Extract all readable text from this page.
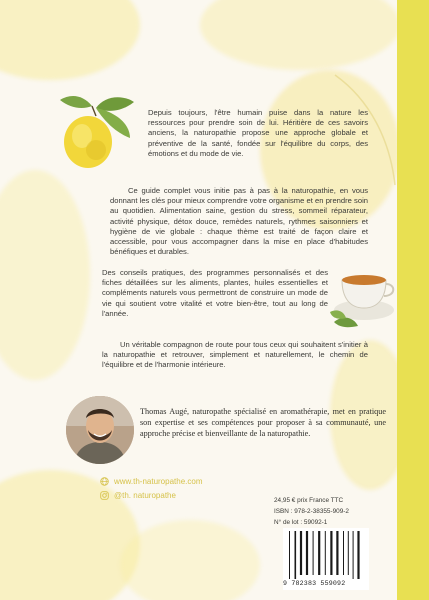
Depuis toujours, l'être humain puise dans la nature les ressources pour prendre soin de lui. Héritière de ces savoirs anciens, la naturopathie propose une approche globale et préventive de la santé, fondée sur l'équilibre du corps, des émotions et du mode de vie.

Ce guide complet vous initie pas à pas à la naturopathie, en vous donnant les clés pour mieux comprendre votre organisme et en prendre soin au quotidien. Alimentation saine, gestion du stress, sommeil réparateur, activité physique, détox douce, remèdes naturels, rythmes saisonniers et hygiène de vie globale : chaque thème est traité de façon claire et accessible, pour vous accompagner dans la mise en place d'habitudes bénéfiques et durables.

Des conseils pratiques, des programmes personnalisés et des fiches détaillées sur les aliments, plantes, huiles essentielles et compléments naturels vous permettront de construire un mode de vie qui soutient votre vitalité et votre bien-être, tout au long de l'année.

Un véritable compagnon de route pour tous ceux qui souhaitent s'initier à la naturopathie et retrouver, simplement et naturellement, le chemin de l'équilibre et de l'harmonie intérieure.

Thomas Augé, naturopathe spécialisé en aromathérapie, met en pratique son expertise et ses compétences pour proposer à sa communauté, une approche précise et bienveillante de la naturopathie.

www.th-naturopathe.com
@th. naturopathe
24,95 € prix France TTC
ISBN : 978-2-38355-909-2
N° de lot : 59092-1
9 782383 559092
